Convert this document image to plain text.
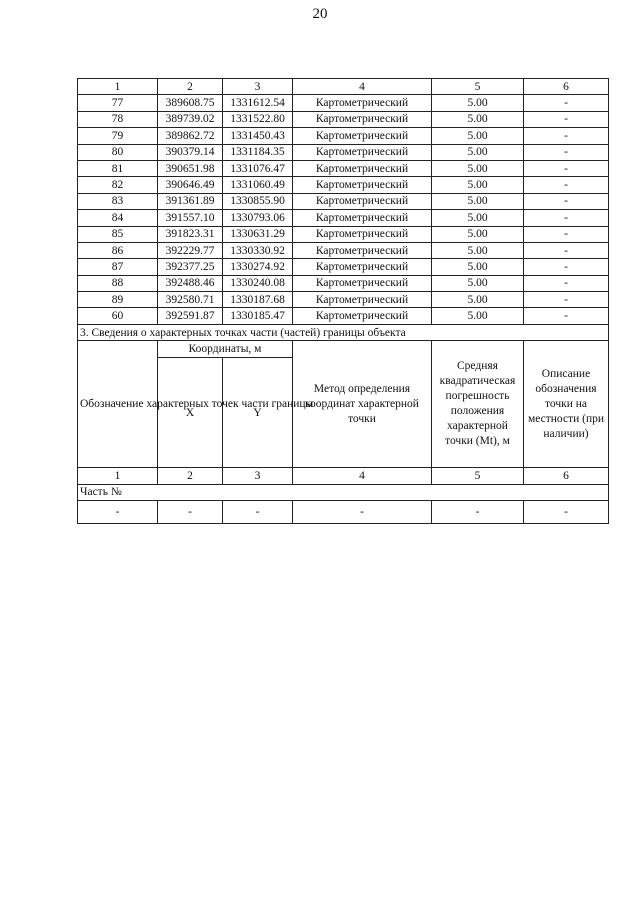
20
1	2	3	4	5	6
77	389608.75	1331612.54	Картометрический	5.00	-
78	389739.02	1331522.80	Картометрический	5.00	-
79	389862.72	1331450.43	Картометрический	5.00	-
80	390379.14	1331184.35	Картометрический	5.00	-
81	390651.98	1331076.47	Картометрический	5.00	-
82	390646.49	1331060.49	Картометрический	5.00	-
83	391361.89	1330855.90	Картометрический	5.00	-
84	391557.10	1330793.06	Картометрический	5.00	-
85	391823.31	1330631.29	Картометрический	5.00	-
86	392229.77	1330330.92	Картометрический	5.00	-
87	392377.25	1330274.92	Картометрический	5.00	-
88	392488.46	1330240.08	Картометрический	5.00	-
89	392580.71	1330187.68	Картометрический	5.00	-
60	392591.87	1330185.47	Картометрический	5.00	-
3. Сведения о характерных точках части (частей) границы объекта					
Обозначение характерных точек части границы	Координаты, м		Метод определения координат характерной точки	Средняя квадратическая погрешность положения характерной точки (Mt), м	Описание обозначения точки на местности (при наличии)
	X	Y			
1	2	3	4	5	6
Часть №					
-	-	-	-	-	-
